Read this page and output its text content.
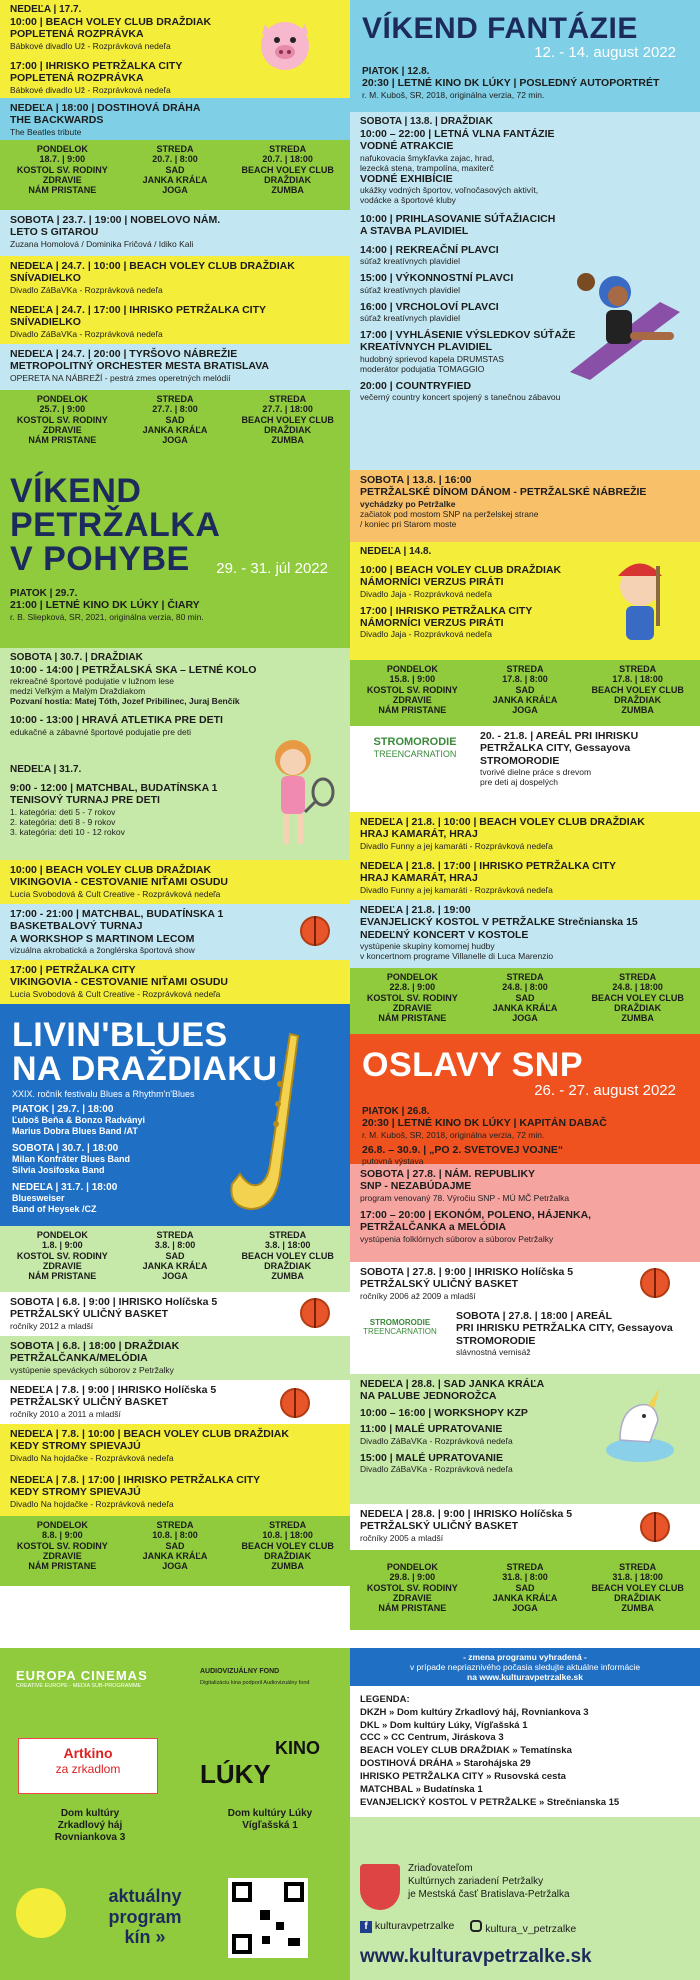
NEDEĽA | 17.7.
10:00 | BEACH VOLEY CLUB DRAŽDIAK
POPLETENÁ ROZPRÁVKA
Bábkové divadlo Už - Rozprávková nedeľa
17:00 | IHRISKO PETRŽALKA CITY
POPLETENÁ ROZPRÁVKA
Bábkové divadlo Už - Rozprávková nedeľa
NEDEĽA | 18:00 | DOSTIHOVÁ DRÁHA
THE BACKWARDS
The Beatles tribute
PONDELOK
18.7. | 9:00
KOSTOL SV. RODINY
ZDRAVIE
NÁM PRISTANE
STREDA
20.7. | 8:00
SAD
JANKA KRÁĽA
JOGA
STREDA
20.7. | 18:00
BEACH VOLEY CLUB
DRAŽDIAK
ZUMBA
SOBOTA | 23.7. | 19:00 | NOBELOVO NÁM.
LETO S GITAROU
Zuzana Homolová / Dominika Fričová / Idiko Kali
NEDEĽA | 24.7. | 10:00 | BEACH VOLEY CLUB DRAŽDIAK
SNÍVADIELKO
Divadlo ZáBaVKa - Rozprávková nedeľa
NEDEĽA | 24.7. | 17:00 | IHRISKO PETRŽALKA CITY
SNÍVADIELKO
Divadlo ZáBaVKa - Rozprávková nedeľa
NEDEĽA | 24.7. | 20:00 | TYRŠOVO NÁBREŽIE
METROPOLITNÝ ORCHESTER MESTA BRATISLAVA
OPERETA NA NÁBREŽÍ - pestrá zmes operetných melódií
PONDELOK
25.7. | 9:00
KOSTOL SV. RODINY
ZDRAVIE
NÁM PRISTANE
STREDA
27.7. | 8:00
SAD
JANKA KRÁĽA
JOGA
STREDA
27.7. | 18:00
BEACH VOLEY CLUB
DRAŽDIAK
ZUMBA
VÍKEND PETRŽALKA
V POHYBE	29. - 31. júl 2022
PIATOK | 29.7.
21:00 | LETNÉ KINO DK LÚKY | ČIARY
r. B. Sliepková, SR, 2021, originálna verzia, 80 min.
SOBOTA | 30.7. | DRAŽDIAK
10:00 - 14:00 | PETRŽALSKÁ SKA – LETNÉ KOLO
rekreačné športové podujatie v lužnom lese
medzi Veľkým a Malým Draždiakom
Pozvaní hostia: Matej Tóth, Jozef Pribilinec, Juraj Benčík
10:00 - 13:00 | HRAVÁ ATLETIKA PRE DETI
edukačné a zábavné športové podujatie pre deti
NEDEĽA | 31.7.
9:00 - 12:00 | MATCHBAL, BUDATÍNSKA 1
TENISOVÝ TURNAJ PRE DETI
1. kategória: deti 5 - 7 rokov
2. kategória: deti 8 - 9 rokov
3. kategória: deti 10 - 12 rokov
10:00 | BEACH VOLEY CLUB DRAŽDIAK
VIKINGOVIA - CESTOVANIE NIŤAMI OSUDU
Lucia Svobodová & Cult Creative - Rozprávková nedeľa
17:00 - 21:00 | MATCHBAL, BUDATÍNSKA 1
BASKETBALOVÝ TURNAJ
A WORKSHOP S MARTINOM LECOM
vizuálna akrobatická a žonglérska športová show
17:00 | PETRŽALKA CITY
VIKINGOVIA - CESTOVANIE NIŤAMI OSUDU
Lucia Svobodová & Cult Creative - Rozprávková nedeľa
LIVIN'BLUES
NA DRAŽDIAKU
XXIX. ročník festivalu Blues a Rhythm'n'Blues
PIATOK | 29.7. | 18:00
Ľuboš Beňa & Bonzo Radványi
Marius Dobra Blues Band /AT
SOBOTA | 30.7. | 18:00
Milan Konfráter Blues Band
Silvia Josifoska Band
NEDEĽA | 31.7. | 18:00
Bluesweiser
Band of Heysek /CZ
PONDELOK
1.8. | 9:00
KOSTOL SV. RODINY
ZDRAVIE
NÁM PRISTANE
STREDA
3.8. | 8:00
SAD
JANKA KRÁĽA
JOGA
STREDA
3.8. | 18:00
BEACH VOLEY CLUB
DRAŽDIAK
ZUMBA
SOBOTA | 6.8. | 9:00 | IHRISKO Holíčska 5
PETRŽALSKÝ ULIČNÝ BASKET
ročníky 2012 a mladší
SOBOTA | 6.8. | 18:00 | DRAŽDIAK
PETRŽALČANKA/MELÓDIA
vystúpenie speváckych súborov z Petržalky
NEDEĽA | 7.8. | 9:00 | IHRISKO Holíčska 5
PETRŽALSKÝ ULIČNÝ BASKET
ročníky 2010 a 2011 a mladší
NEDEĽA | 7.8. | 10:00 | BEACH VOLEY CLUB DRAŽDIAK
KEDY STROMY SPIEVAJÚ
Divadlo Na hojdačke - Rozprávková nedeľa
NEDEĽA | 7.8. | 17:00 | IHRISKO PETRŽALKA CITY
KEDY STROMY SPIEVAJÚ
Divadlo Na hojdačke - Rozprávková nedeľa
PONDELOK
8.8. | 9:00
KOSTOL SV. RODINY
ZDRAVIE
NÁM PRISTANE
STREDA
10.8. | 8:00
SAD
JANKA KRÁĽA
JOGA
STREDA
10.8. | 18:00
BEACH VOLEY CLUB
DRAŽDIAK
ZUMBA
VÍKEND FANTÁZIE
12. - 14. august 2022
PIATOK | 12.8.
20:30 | LETNÉ KINO DK LÚKY | POSLEDNÝ AUTOPORTRÉT
r. M. Kuboš, SR, 2018, originálna verzia, 72 min.
SOBOTA | 13.8. | DRAŽDIAK
10:00 – 22:00 | LETNÁ VLNA FANTÁZIE
VODNÉ ATRAKCIE
nafukovacia šmykľavka zajac, hrad,
lezecká stena, trampolína, maxiterč
VODNÉ EXHIBÍCIE
ukážky vodných športov, voľnočasových aktivít,
vodácke a športové kluby
10:00 | PRIHLASOVANIE SÚŤAŽIACICH
A STAVBA PLAVIDIEL
14:00 | REKREAČNÍ PLAVCI
súťaž kreatívnych plavidiel
15:00 | VÝKONNOSTNÍ PLAVCI
súťaž kreatívnych plavidiel
16:00 | VRCHOLOVÍ PLAVCI
súťaž kreatívnych plavidiel
17:00 | VYHLÁSENIE VÝSLEDKOV SÚŤAŽE
KREATÍVNYCH PLAVIDIEL
hudobný sprievod kapela DRUMSTAS
moderátor podujatia TOMAGGIO
20:00 | COUNTRYFIED
večerný country koncert spojený s tanečnou zábavou
SOBOTA | 13.8. | 16:00
PETRŽALSKÉ DÍNOM DÁNOM - PETRŽALSKÉ NÁBREŽIE
vychádzky po Petržalke
začiatok pod mostom SNP na perželskej strane
/ koniec pri Starom moste
NEDEĽA | 14.8.
10:00 | BEACH VOLEY CLUB DRAŽDIAK
NÁMORNÍCI VERZUS PIRÁTI
Divadlo Jaja - Rozprávková nedeľa
17:00 | IHRISKO PETRŽALKA CITY
NÁMORNÍCI VERZUS PIRÁTI
Divadlo Jaja - Rozprávková nedeľa
PONDELOK
15.8. | 9:00
KOSTOL SV. RODINY
ZDRAVIE
NÁM PRISTANE
STREDA
17.8. | 8:00
SAD
JANKA KRÁĽA
JOGA
STREDA
17.8. | 18:00
BEACH VOLEY CLUB
DRAŽDIAK
ZUMBA
STROMORODIE
TREENCARNATION
20. - 21.8. | AREÁL PRI IHRISKU
PETRŽALKA CITY, Gessayova
STROMORODIE
tvorivé dielne práce s drevom
pre deti aj dospelých
NEDEĽA | 21.8. | 10:00 | BEACH VOLEY CLUB DRAŽDIAK
HRAJ KAMARÁT, HRAJ
Divadlo Funny a jej kamaráti - Rozprávková nedeľa
NEDEĽA | 21.8. | 17:00 | IHRISKO PETRŽALKA CITY
HRAJ KAMARÁT, HRAJ
Divadlo Funny a jej kamaráti - Rozprávková nedeľa
NEDEĽA | 21.8. | 19:00
EVANJELICKÝ KOSTOL V PETRŽALKE Strečnianska 15
NEDEĽNÝ KONCERT V KOSTOLE
vystúpenie skupiny komornej hudby
v koncertnom programe Villanelle di Luca Marenzio
PONDELOK
22.8. | 9:00
KOSTOL SV. RODINY
ZDRAVIE
NÁM PRISTANE
STREDA
24.8. | 8:00
SAD
JANKA KRÁĽA
JOGA
STREDA
24.8. | 18:00
BEACH VOLEY CLUB
DRAŽDIAK
ZUMBA
OSLAVY SNP
26. - 27. august 2022
PIATOK | 26.8.
20:30 | LETNÉ KINO DK LÚKY | KAPITÁN DABAČ
r. M. Kuboš, SR, 2018, originálna verzia, 72 min.
26.8. – 30.9. | „PO 2. SVETOVEJ VOJNE“
putovná výstava
SOBOTA | 27.8. | NÁM. REPUBLIKY
SNP - NEZABÚDAJME
program venovaný 78. Výročiu SNP - MÚ MČ Petržalka
17:00 – 20:00 | EKONÓM, POLENO, HÁJENKA,
PETRŽALČANKA a MELÓDIA
vystúpenia folklórnych súborov a súborov Petržalky
SOBOTA | 27.8. | 9:00 | IHRISKO Holíčska 5
PETRŽALSKÝ ULIČNÝ BASKET
ročníky 2006 až 2009 a mladší
STROMORODIE
TREENCARNATION
SOBOTA | 27.8. | 18:00 | AREÁL
PRI IHRISKU PETRŽALKA CITY, Gessayova
STROMORODIE
slávnostná vernisáž
NEDEĽA | 28.8. | SAD JANKA KRÁĽA
NA PALUBE JEDNOROŽCA
10:00 – 16:00 | WORKSHOPY KZP
11:00 | MALÉ UPRATOVANIE
Divadlo ZáBaVKa - Rozprávková nedeľa
15:00 | MALÉ UPRATOVANIE
Divadlo ZáBaVKa - Rozprávková nedeľa
NEDEĽA | 28.8. | 9:00 | IHRISKO Holíčska 5
PETRŽALSKÝ ULIČNÝ BASKET
ročníky 2005 a mladší
PONDELOK
29.8. | 9:00
KOSTOL SV. RODINY
ZDRAVIE
NÁM PRISTANE
STREDA
31.8. | 8:00
SAD
JANKA KRÁĽA
JOGA
STREDA
31.8. | 18:00
BEACH VOLEY CLUB
DRAŽDIAK
ZUMBA
EUROPA CINEMAS
CREATIVE EUROPE - MEDIA SUB-PROGRAMME
AUDIOVIZUÁLNY FOND
Digitalizáciu kina podporil Audiovizuálny fond
Artkino
za zrkadlom
Dom kultúry
Zrkadlový háj
Rovniankova 3
KINO
LÚKY
Dom kultúry Lúky
Vígľašská 1
aktuálny
program
kín »
- zmena programu vyhradená -
v prípade nepriaznivého počasia sledujte aktuálne informácie
na www.kulturavpetrzalke.sk

LEGENDA:

DKZH » Dom kultúry Zrkadlový háj, Rovniankova 3

DKL » Dom kultúry Lúky, Vígľašská 1

CCC » CC Centrum, Jiráskova 3

BEACH VOLEY CLUB DRAŽDIAK » Tematínska

DOSTIHOVÁ DRÁHA » Starohájska 29

IHRISKO PETRŽALKA CITY » Rusovská cesta

MATCHBAL » Budatínska 1

EVANJELICKÝ KOSTOL V PETRŽALKE » Strečnianska 15

Zriaďovateľom
Kultúrnych zariadení Petržalky
je Mestská časť Bratislava-Petržalka
f kulturavpetrzalke	kultura_v_petrzalke
www.kulturavpetrzalke.sk
